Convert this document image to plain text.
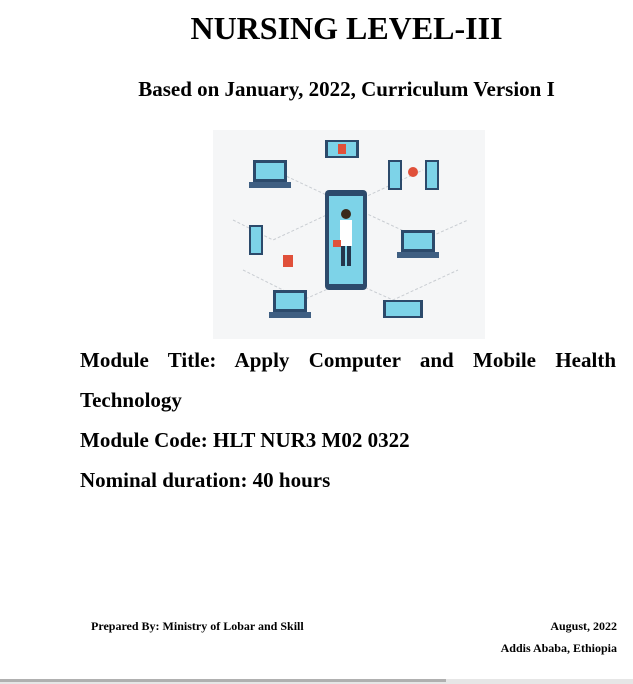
NURSING LEVEL-III
Based on January, 2022, Curriculum Version I
Module Title: Apply Computer and Mobile Health
Technology
Module Code: HLT NUR3 M02 0322
Nominal duration: 40 hours
Prepared By: Ministry of Lobar and Skill	August, 2022
Addis Ababa, Ethiopia
